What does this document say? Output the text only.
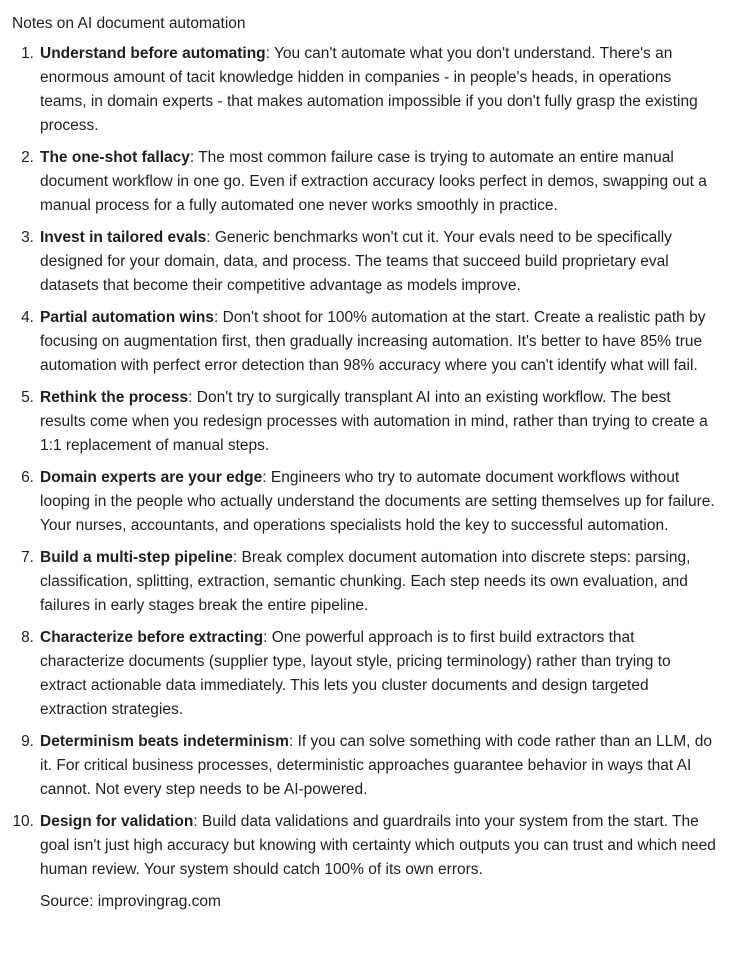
Notes on AI document automation
1. Understand before automating: You can't automate what you don't understand. There's an enormous amount of tacit knowledge hidden in companies - in people's heads, in operations teams, in domain experts - that makes automation impossible if you don't fully grasp the existing process.
2. The one-shot fallacy: The most common failure case is trying to automate an entire manual document workflow in one go. Even if extraction accuracy looks perfect in demos, swapping out a manual process for a fully automated one never works smoothly in practice.
3. Invest in tailored evals: Generic benchmarks won't cut it. Your evals need to be specifically designed for your domain, data, and process. The teams that succeed build proprietary eval datasets that become their competitive advantage as models improve.
4. Partial automation wins: Don't shoot for 100% automation at the start. Create a realistic path by focusing on augmentation first, then gradually increasing automation. It's better to have 85% true automation with perfect error detection than 98% accuracy where you can't identify what will fail.
5. Rethink the process: Don't try to surgically transplant AI into an existing workflow. The best results come when you redesign processes with automation in mind, rather than trying to create a 1:1 replacement of manual steps.
6. Domain experts are your edge: Engineers who try to automate document workflows without looping in the people who actually understand the documents are setting themselves up for failure. Your nurses, accountants, and operations specialists hold the key to successful automation.
7. Build a multi-step pipeline: Break complex document automation into discrete steps: parsing, classification, splitting, extraction, semantic chunking. Each step needs its own evaluation, and failures in early stages break the entire pipeline.
8. Characterize before extracting: One powerful approach is to first build extractors that characterize documents (supplier type, layout style, pricing terminology) rather than trying to extract actionable data immediately. This lets you cluster documents and design targeted extraction strategies.
9. Determinism beats indeterminism: If you can solve something with code rather than an LLM, do it. For critical business processes, deterministic approaches guarantee behavior in ways that AI cannot. Not every step needs to be AI-powered.
10. Design for validation: Build data validations and guardrails into your system from the start. The goal isn't just high accuracy but knowing with certainty which outputs you can trust and which need human review. Your system should catch 100% of its own errors.
Source: improvingrag.com
